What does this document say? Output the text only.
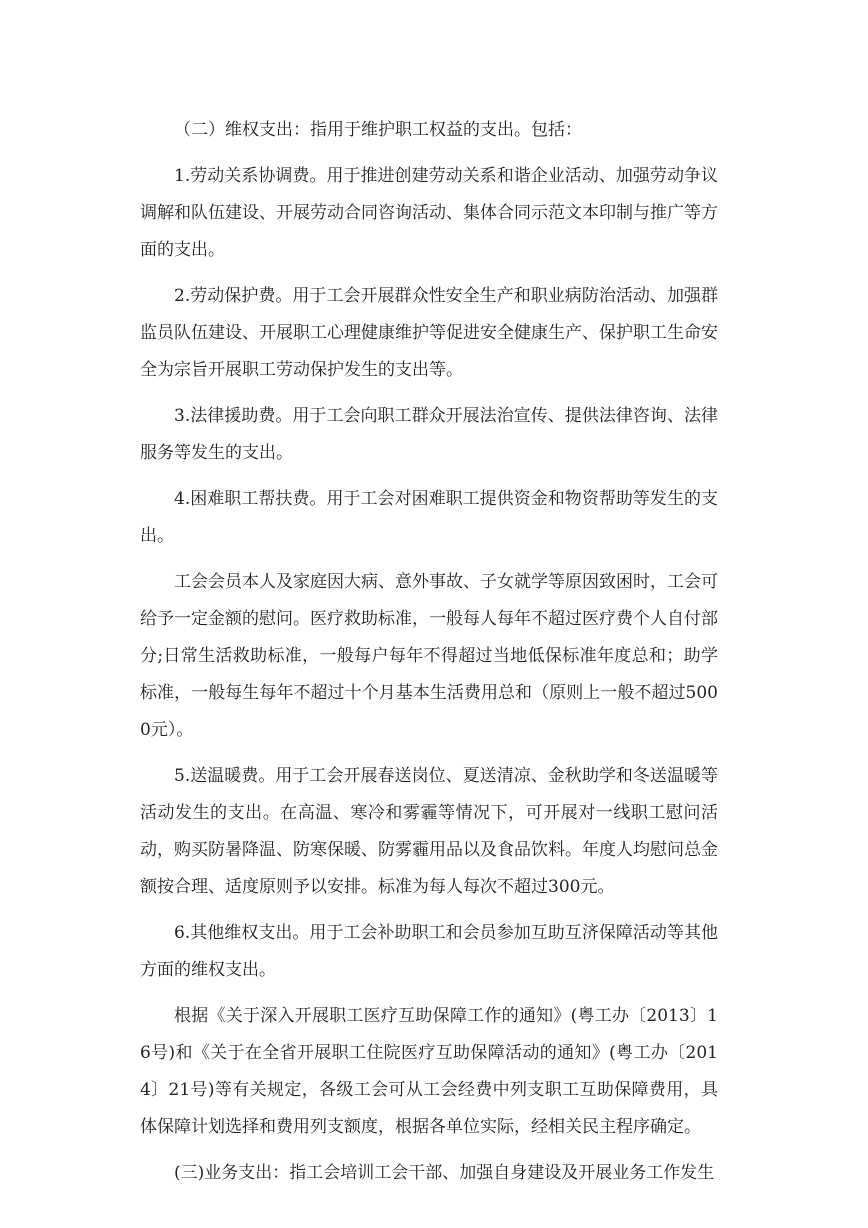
（二）维权支出：指用于维护职工权益的支出。包括：

1.劳动关系协调费。用于推进创建劳动关系和谐企业活动、加强劳动争议调解和队伍建设、开展劳动合同咨询活动、集体合同示范文本印制与推广等方面的支出。

2.劳动保护费。用于工会开展群众性安全生产和职业病防治活动、加强群监员队伍建设、开展职工心理健康维护等促进安全健康生产、保护职工生命安全为宗旨开展职工劳动保护发生的支出等。

3.法律援助费。用于工会向职工群众开展法治宣传、提供法律咨询、法律服务等发生的支出。

4.困难职工帮扶费。用于工会对困难职工提供资金和物资帮助等发生的支出。

工会会员本人及家庭因大病、意外事故、子女就学等原因致困时，工会可给予一定金额的慰问。医疗救助标准，一般每人每年不超过医疗费个人自付部分;日常生活救助标准，一般每户每年不得超过当地低保标准年度总和；助学标准，一般每生每年不超过十个月基本生活费用总和（原则上一般不超过5000元）。

5.送温暖费。用于工会开展春送岗位、夏送清凉、金秋助学和冬送温暖等活动发生的支出。在高温、寒冷和雾霾等情况下，可开展对一线职工慰问活动，购买防暑降温、防寒保暖、防雾霾用品以及食品饮料。年度人均慰问总金额按合理、适度原则予以安排。标准为每人每次不超过300元。

6.其他维权支出。用于工会补助职工和会员参加互助互济保障活动等其他方面的维权支出。

根据《关于深入开展职工医疗互助保障工作的通知》(粤工办〔2013〕16号)和《关于在全省开展职工住院医疗互助保障活动的通知》(粤工办〔2014〕21号)等有关规定，各级工会可从工会经费中列支职工互助保障费用，具体保障计划选择和费用列支额度，根据各单位实际，经相关民主程序确定。

(三)业务支出：指工会培训工会干部、加强自身建设及开展业务工作发生
